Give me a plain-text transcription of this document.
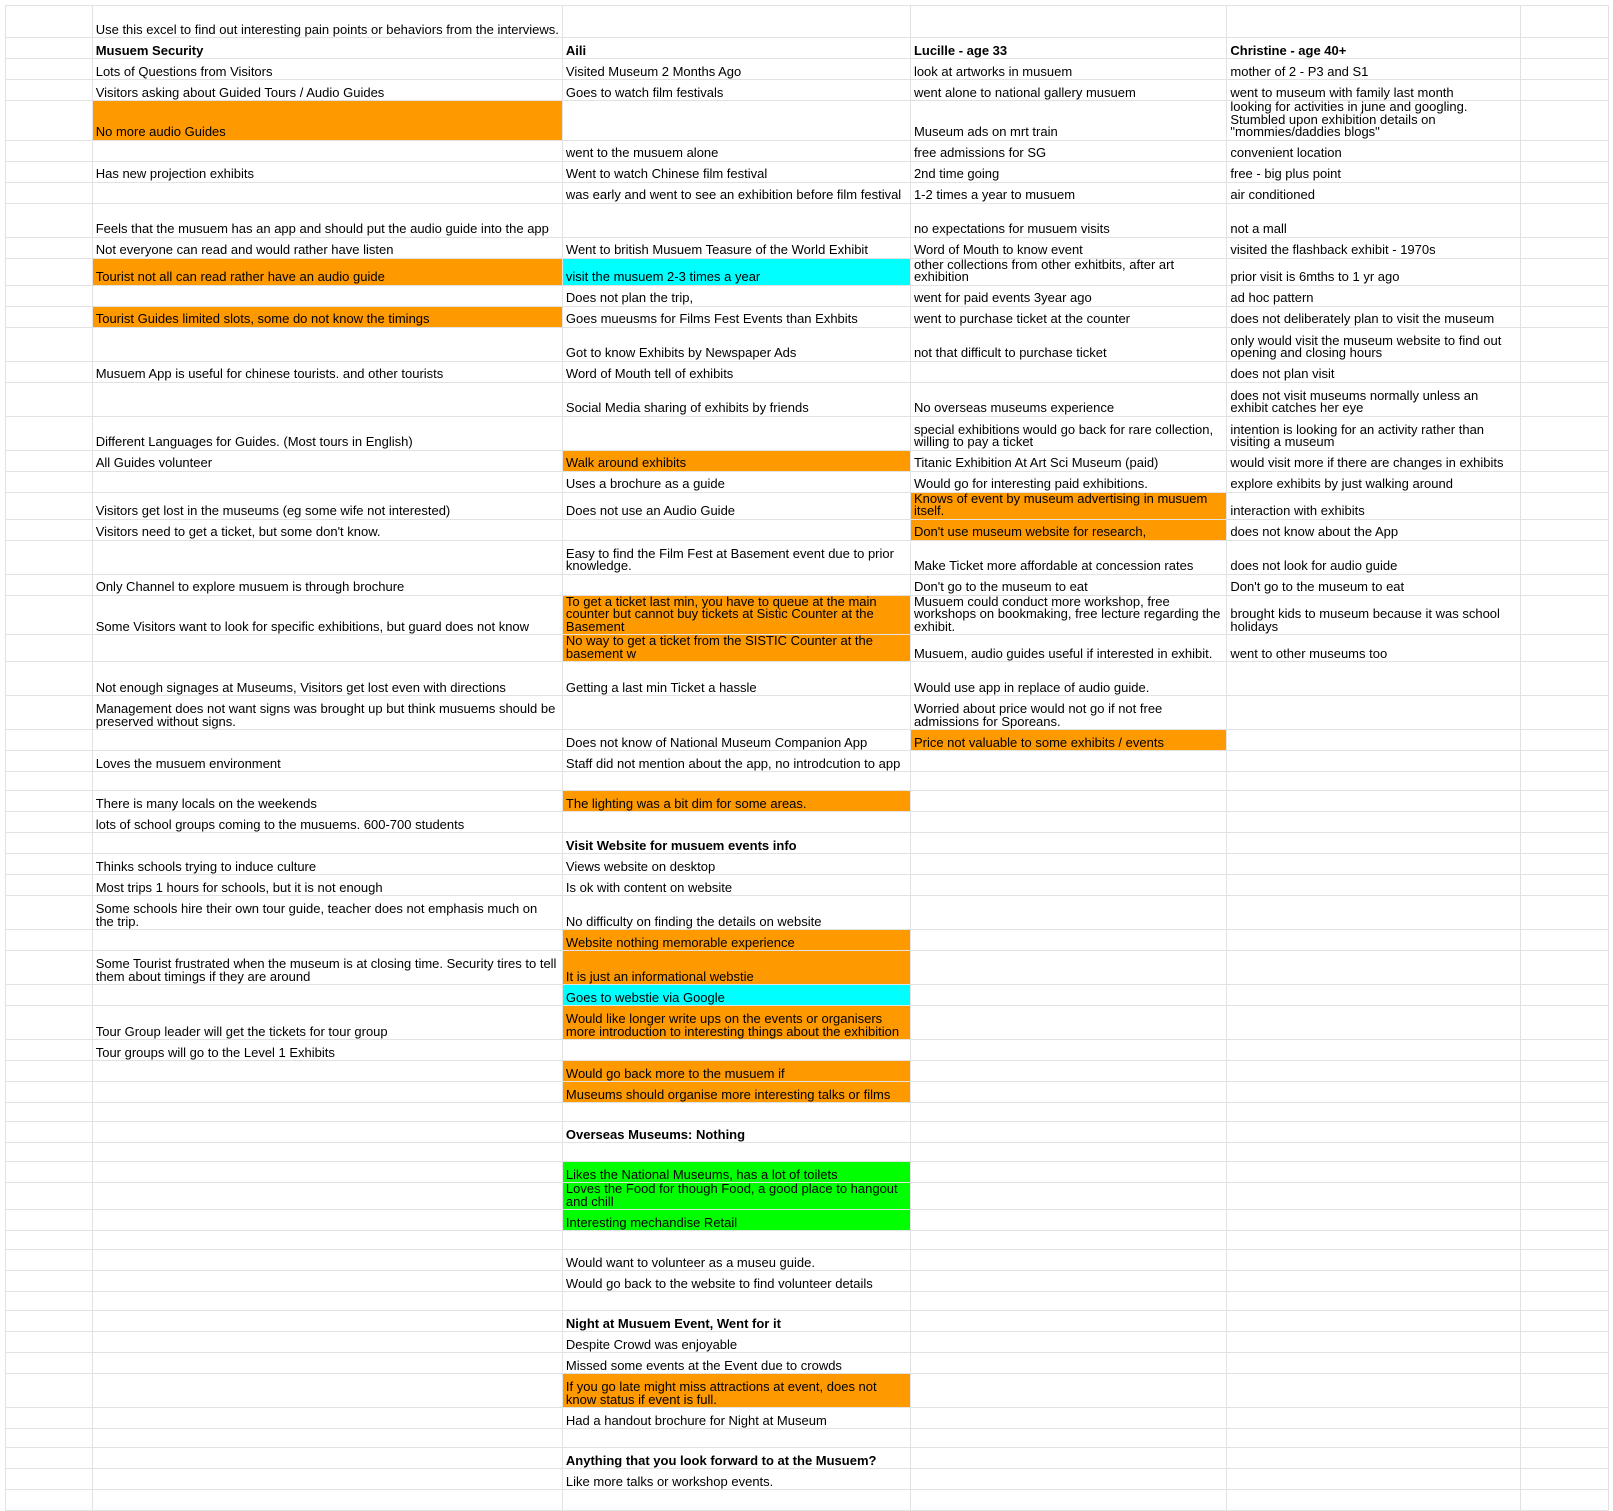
	Use this excel to find out interesting pain points or behaviors from the interviews.				
	Musuem Security	Aili	Lucille - age 33	Christine - age 40+	
	Lots of Questions from Visitors	Visited Museum 2 Months Ago	look at artworks in musuem	mother of 2 - P3 and S1	
	Visitors asking about Guided Tours / Audio Guides	Goes to watch film festivals	went alone to national gallery musuem	went to museum with family last month	
	No more audio Guides		Museum ads on mrt train	looking for activities in june and googling. Stumbled upon exhibition details on "mommies/daddies blogs"	
		went to the musuem alone	free admissions for SG	convenient location	
	Has new projection exhibits	Went to watch Chinese film festival	2nd time going	free - big plus point	
		was early and went to see an exhibition before film festival	1-2 times a year to musuem	air conditioned	
	Feels that the musuem has an app and should put the audio guide into the app		no expectations for musuem visits	not a mall	
	Not everyone can read and would rather have listen	Went to british Musuem Teasure of the World Exhibit	Word of Mouth to know event	visited the flashback exhibit - 1970s	
	Tourist not all can read rather have an audio guide	visit the musuem 2-3 times a year	other collections from other exhitbits, after art exhibition	prior visit is 6mths to 1 yr ago	
		Does not plan the trip,	went for paid events 3year ago	ad hoc pattern	
	Tourist Guides limited slots, some do not know the timings	Goes mueusms for Films Fest Events than Exhbits	went to purchase ticket at the counter	does not deliberately plan to visit the museum	
		Got to know Exhibits by Newspaper Ads	not that difficult to purchase ticket	only would visit the museum website to find out opening and closing hours	
	Musuem App is useful for chinese tourists. and other tourists	Word of Mouth tell of exhibits		does not plan visit	
		Social Media sharing of exhibits by friends	No overseas museums experience	does not visit museums normally unless an exhibit catches her eye	
	Different Languages for Guides. (Most tours in English)		special exhibitions would go back for rare collection, willing to pay a ticket	intention is looking for an activity rather than visiting a museum	
	All Guides volunteer	Walk around exhibits	Titanic Exhibition At Art Sci Museum (paid)	would visit more if there are changes in exhibits	
		Uses a brochure as a guide	Would go for interesting paid exhibitions.	explore exhibits by just walking around	
	Visitors get lost in the museums (eg some wife not interested)	Does not use an Audio Guide	Knows of event by museum advertising in musuem itself.	interaction with exhibits	
	Visitors need to get a ticket, but some don't know.		Don't use museum website for research,	does not know about the App	
		Easy to find the Film Fest at Basement event due to prior knowledge.	Make Ticket more affordable at concession rates	does not look for audio guide	
	Only Channel to explore musuem is through brochure		Don't go to the museum to eat	Don't go to the museum to eat	
	Some Visitors want to look for specific exhibitions, but guard does not know	To get a ticket last min, you have to queue at the main counter but cannot buy tickets at Sistic Counter at the Basement	Musuem could conduct more workshop, free workshops on bookmaking, free lecture regarding the exhibit.	brought kids to museum because it was school holidays	
		No way to get a ticket from the SISTIC Counter at the basement w	Musuem, audio guides useful if interested in exhibit.	went to other museums too	
	Not enough signages at Museums, Visitors get lost even with directions	Getting a last min Ticket a hassle	Would use app in replace of audio guide.		
	Management does not want signs was brought up but think musuems should be preserved without signs.		Worried about price would not go if not free admissions for Sporeans.		
		Does not know of National Museum Companion App	Price not valuable to some exhibits / events		
	Loves the musuem environment	Staff did not mention about the app, no introdcution to app			

	There is many locals on the weekends	The lighting was a bit dim for some areas.			
	lots of school groups coming to the musuems. 600-700 students				
		Visit Website for musuem events info			
	Thinks schools trying to induce culture	Views website on desktop			
	Most trips 1 hours for schools, but it is not enough	Is ok with content on website			
	Some schools hire their own tour guide, teacher does not emphasis much on the trip.	No difficulty on finding the details on website			
		Website nothing memorable experience			
	Some Tourist frustrated when the museum is at closing time. Security tires to tell them about timings if they are around	It is just an informational webstie			
		Goes to webstie via Google			
	Tour Group leader will get the tickets for tour group	Would like longer write ups on the events or organisers more introduction to interesting things about the exhibition			
	Tour groups will go to the Level 1 Exhibits				
		Would go back more to the musuem if			
		Museums should organise more interesting talks or films			

		Overseas Museums: Nothing			

		Likes the National Museums, has a lot of toilets			
		Loves the Food for though Food, a good place to hangout and chill			
		Interesting mechandise Retail			

		Would want to volunteer as a museu guide.			
		Would go back to the website to find volunteer details			

		Night at Musuem Event, Went for it			
		Despite Crowd was enjoyable			
		Missed some events at the Event due to crowds			
		If you go late might miss attractions at event, does not know status if event is full.			
		Had a handout brochure for Night at Museum			

		Anything that you look forward to at the Musuem?			
		Like more talks or workshop events.			
